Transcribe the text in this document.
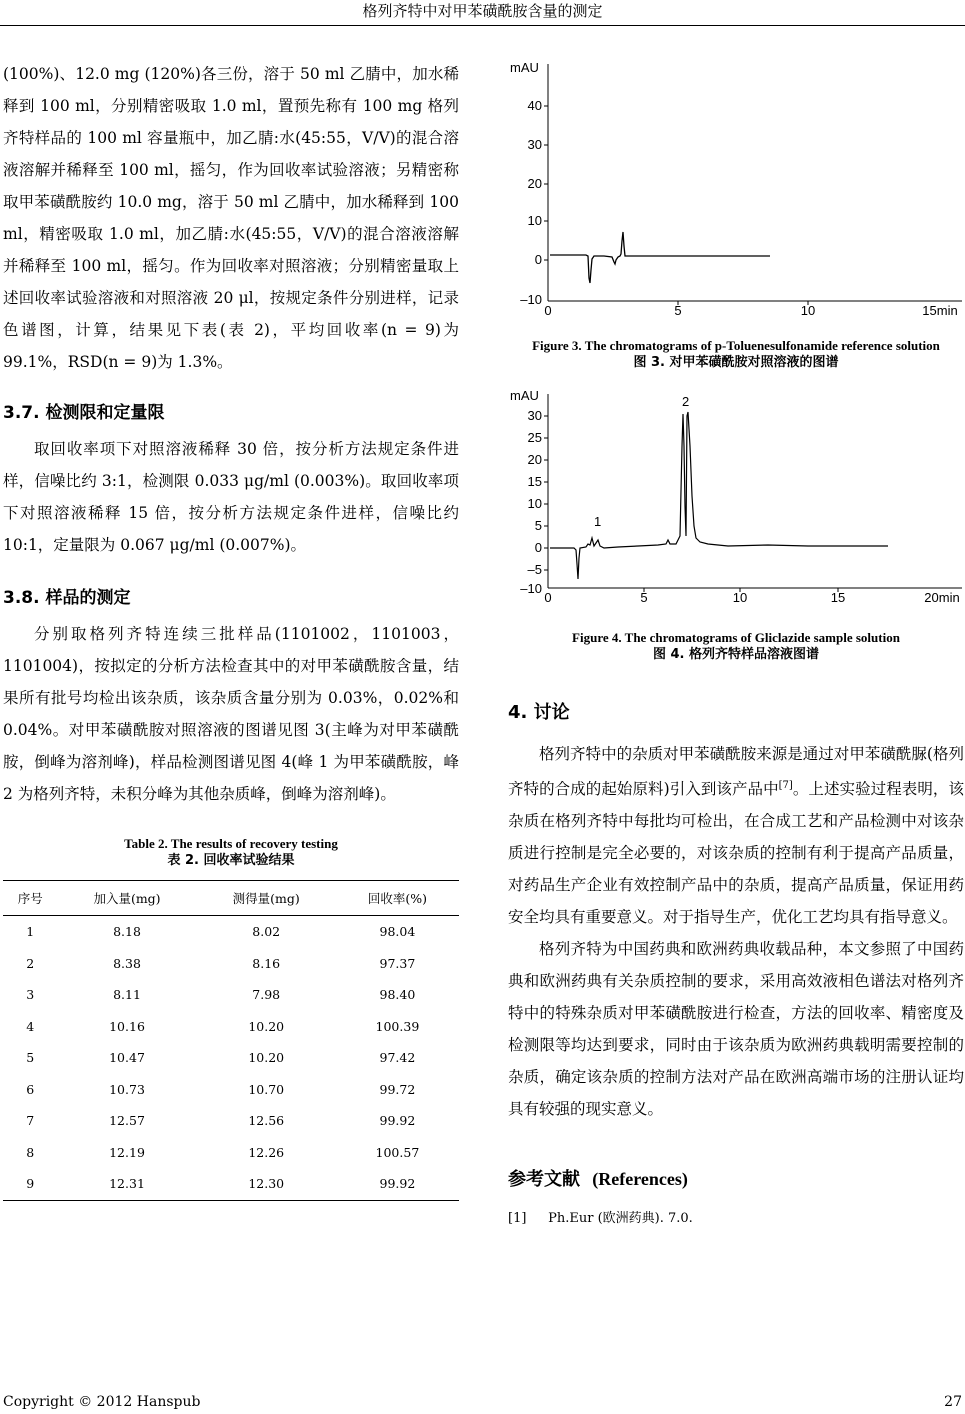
格列齐特中对甲苯磺酰胺含量的测定

(100%)、12.0 mg (120%)各三份，溶于 50 ml 乙腈中，加水稀释到 100 ml，分别精密吸取 1.0 ml，置预先称有 100 mg 格列齐特样品的 100 ml 容量瓶中，加乙腈:水(45:55，V/V)的混合溶液溶解并稀释至 100 ml，摇匀，作为回收率试验溶液；另精密称取甲苯磺酰胺约 10.0 mg，溶于 50 ml 乙腈中，加水稀释到 100 ml，精密吸取 1.0 ml，加乙腈:水(45:55，V/V)的混合溶液溶解并稀释至 100 ml，摇匀。作为回收率对照溶液；分别精密量取上述回收率试验溶液和对照溶液 20 μl，按规定条件分别进样，记录色谱图，计算，结果见下表(表 2)，平均回收率(n = 9)为 99.1%，RSD(n = 9)为 1.3%。

3.7. 检测限和定量限

取回收率项下对照溶液稀释 30 倍，按分析方法规定条件进样，信噪比约 3:1，检测限 0.033 μg/ml (0.003%)。取回收率项下对照溶液稀释 15 倍，按分析方法规定条件进样，信噪比约 10:1，定量限为 0.067 μg/ml (0.007%)。

3.8. 样品的测定

分别取格列齐特连续三批样品(1101002，1101003，1101004)，按拟定的分析方法检查其中的对甲苯磺酰胺含量，结果所有批号均检出该杂质，该杂质含量分别为 0.03%，0.02%和 0.04%。对甲苯磺酰胺对照溶液的图谱见图 3(主峰为对甲苯磺酰胺，倒峰为溶剂峰)，样品检测图谱见图 4(峰 1 为甲苯磺酰胺，峰 2 为格列齐特，未积分峰为其他杂质峰，倒峰为溶剂峰)。

Table 2. The results of recovery testing
表 2. 回收率试验结果
序号	加入量(mg)	测得量(mg)	回收率(%)
1	8.18	8.02	98.04
2	8.38	8.16	97.37
3	8.11	7.98	98.40
4	10.16	10.20	100.39
5	10.47	10.20	97.42
6	10.73	10.70	99.72
7	12.57	12.56	99.92
8	12.19	12.26	100.57
9	12.31	12.30	99.92
mAU
40
30
20
10
0
–10
0	5	10	15min
Figure 3. The chromatograms of p-Toluenesulfonamide reference solution
图 3. 对甲苯磺酰胺对照溶液的图谱
mAU
30
25
20
15
10
5
0
–5
–10
0	5	10	15	20min
1
2
Figure 4. The chromatograms of Gliclazide sample solution
图 4. 格列齐特样品溶液图谱
4. 讨论

格列齐特中的杂质对甲苯磺酰胺来源是通过对甲苯磺酰脲(格列齐特的合成的起始原料)引入到该产品中[7]。上述实验过程表明，该杂质在格列齐特中每批均可检出，在合成工艺和产品检测中对该杂质进行控制是完全必要的，对该杂质的控制有利于提高产品质量，对药品生产企业有效控制产品中的杂质，提高产品质量，保证用药安全均具有重要意义。对于指导生产，优化工艺均具有指导意义。

格列齐特为中国药典和欧洲药典收载品种，本文参照了中国药典和欧洲药典有关杂质控制的要求，采用高效液相色谱法对格列齐特中的特殊杂质对甲苯磺酰胺进行检查，方法的回收率、精密度及检测限等均达到要求，同时由于该杂质为欧洲药典载明需要控制的杂质，确定该杂质的控制方法对产品在欧洲高端市场的注册认证均具有较强的现实意义。

参考文献 (References)
[1] Ph.Eur (欧洲药典). 7.0.
Copyright © 2012 Hanspub	27
